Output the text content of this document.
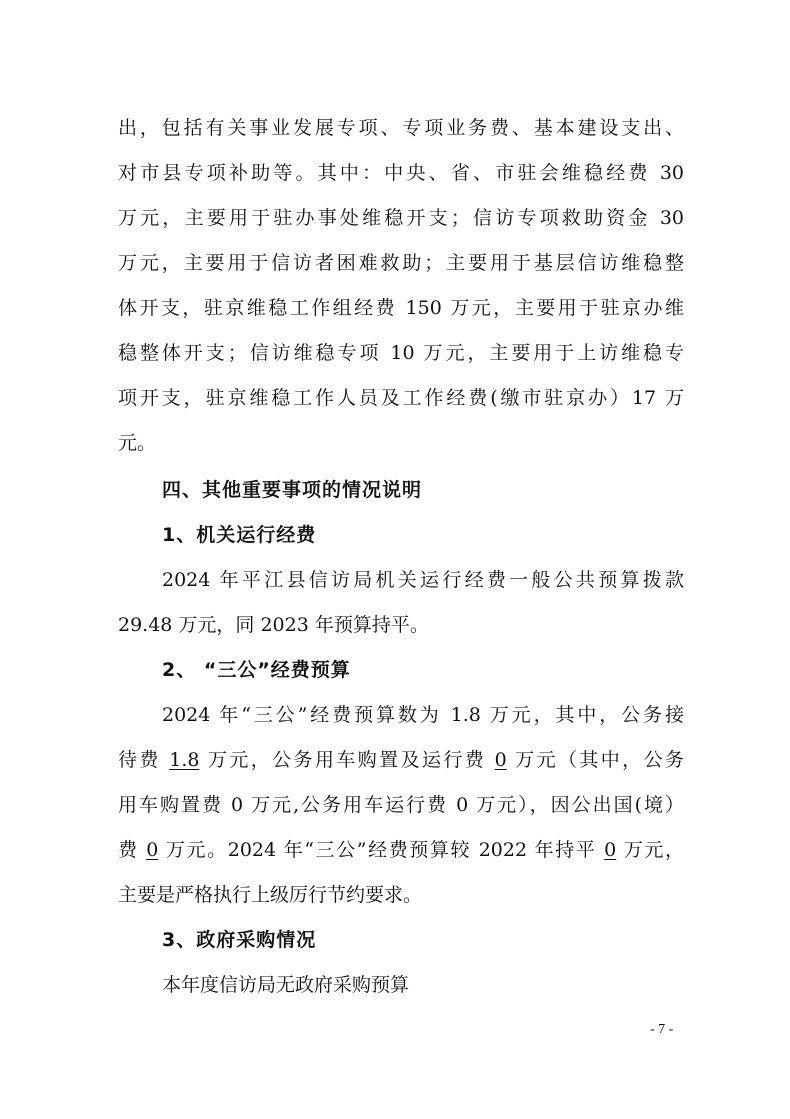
出，包括有关事业发展专项、专项业务费、基本建设支出、
对市县专项补助等。其中：中央、省、市驻会维稳经费 30
万元，主要用于驻办事处维稳开支；信访专项救助资金 30
万元，主要用于信访者困难救助；主要用于基层信访维稳整
体开支，驻京维稳工作组经费 150 万元，主要用于驻京办维
稳整体开支；信访维稳专项 10 万元，主要用于上访维稳专
项开支，驻京维稳工作人员及工作经费(缴市驻京办）17 万
元。
四、其他重要事项的情况说明
1、机关运行经费
2024 年平江县信访局机关运行经费一般公共预算拨款
29.48 万元，同 2023 年预算持平。
2、 “三公”经费预算
2024 年“三公”经费预算数为 1.8 万元，其中，公务接
待费 1.8 万元，公务用车购置及运行费 0 万元（其中，公务
用车购置费 0 万元,公务用车运行费 0 万元），因公出国(境）
费 0 万元。2024 年“三公”经费预算较 2022 年持平 0 万元，
主要是严格执行上级厉行节约要求。
3、政府采购情况
本年度信访局无政府采购预算
- 7 -
